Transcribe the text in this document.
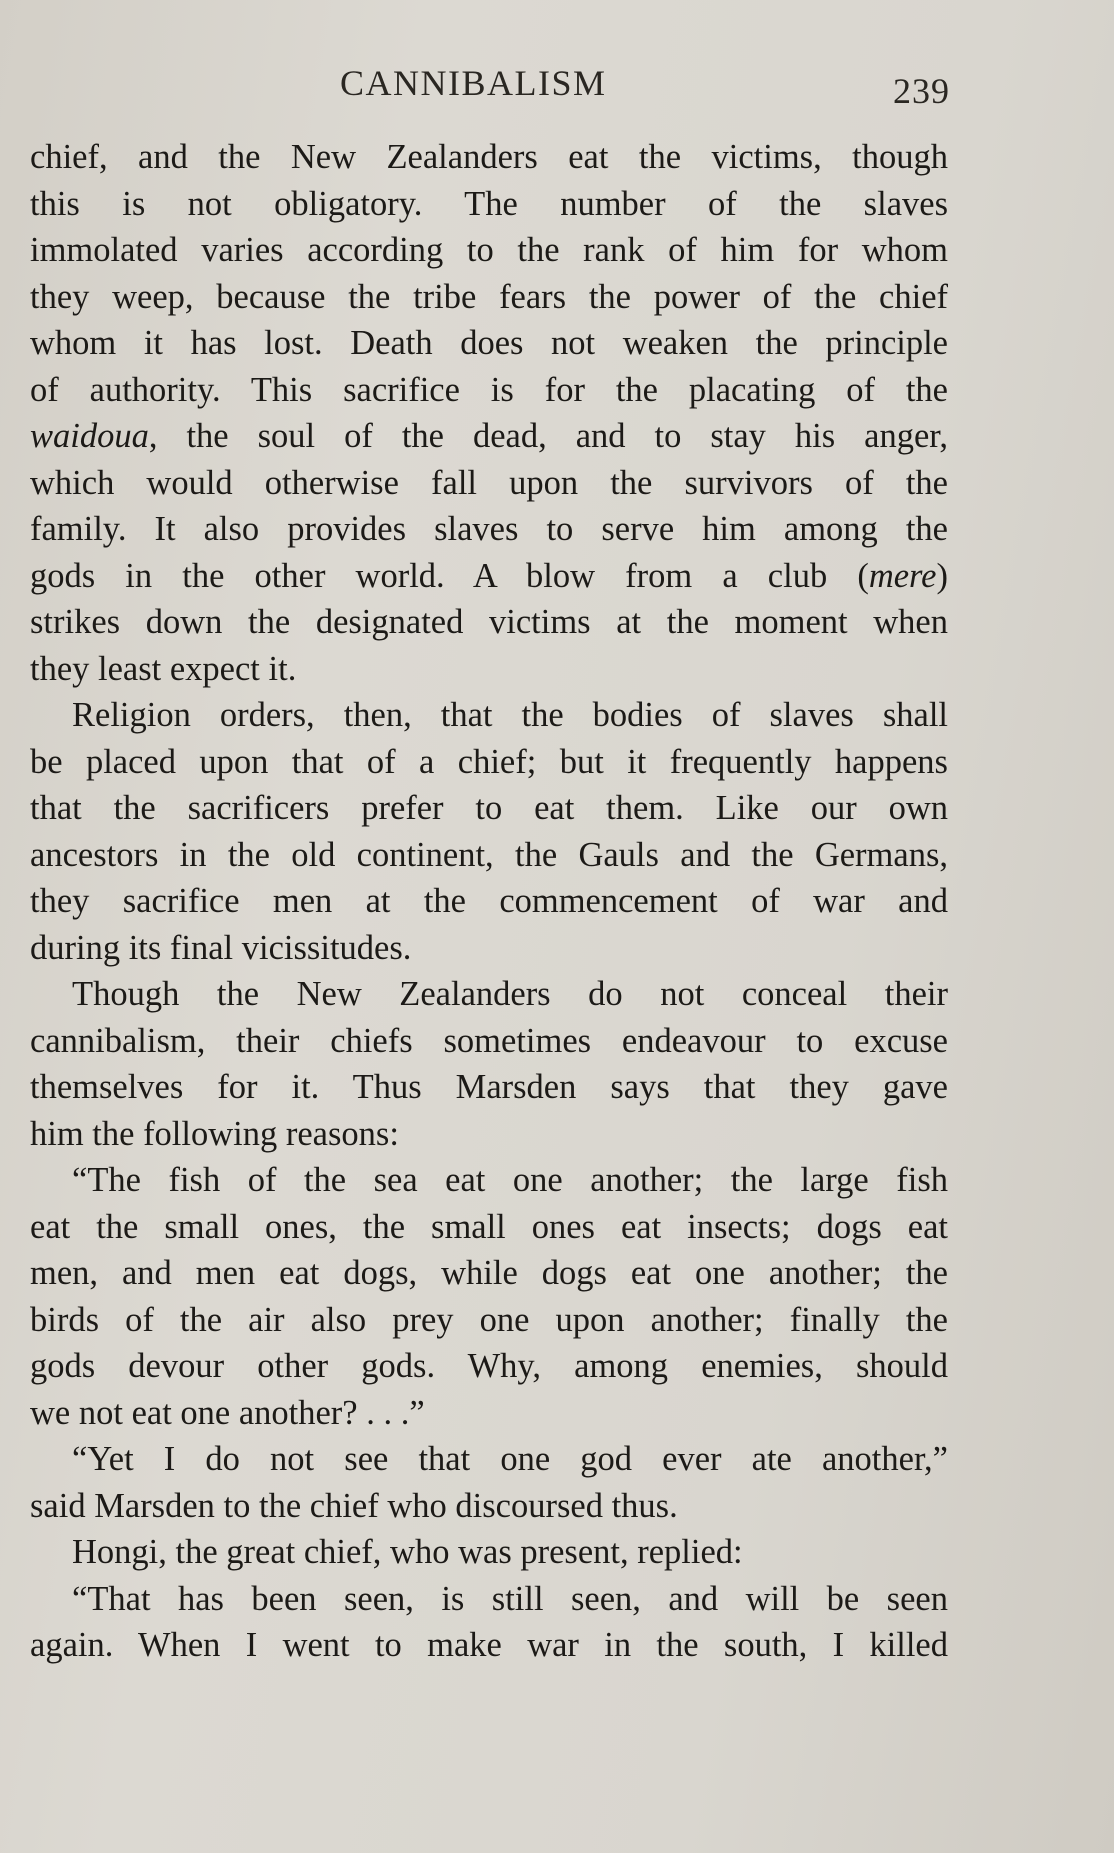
CANNIBALISM	239
chief, and the New Zealanders eat the victims, though
this is not obligatory. The number of the slaves
immolated varies according to the rank of him for whom
they weep, because the tribe fears the power of the chief
whom it has lost. Death does not weaken the principle
of authority. This sacrifice is for the placating of the
waidoua, the soul of the dead, and to stay his anger,
which would otherwise fall upon the survivors of the
family. It also provides slaves to serve him among the
gods in the other world. A blow from a club (mere)
strikes down the designated victims at the moment when
they least expect it.
Religion orders, then, that the bodies of slaves shall
be placed upon that of a chief; but it frequently happens
that the sacrificers prefer to eat them. Like our own
ancestors in the old continent, the Gauls and the Germans,
they sacrifice men at the commencement of war and
during its final vicissitudes.
Though the New Zealanders do not conceal their
cannibalism, their chiefs sometimes endeavour to excuse
themselves for it. Thus Marsden says that they gave
him the following reasons:
“The fish of the sea eat one another; the large fish
eat the small ones, the small ones eat insects; dogs eat
men, and men eat dogs, while dogs eat one another; the
birds of the air also prey one upon another; finally the
gods devour other gods. Why, among enemies, should
we not eat one another? . . .”
“Yet I do not see that one god ever ate another,”
said Marsden to the chief who discoursed thus.
Hongi, the great chief, who was present, replied:
“That has been seen, is still seen, and will be seen
again. When I went to make war in the south, I killed
